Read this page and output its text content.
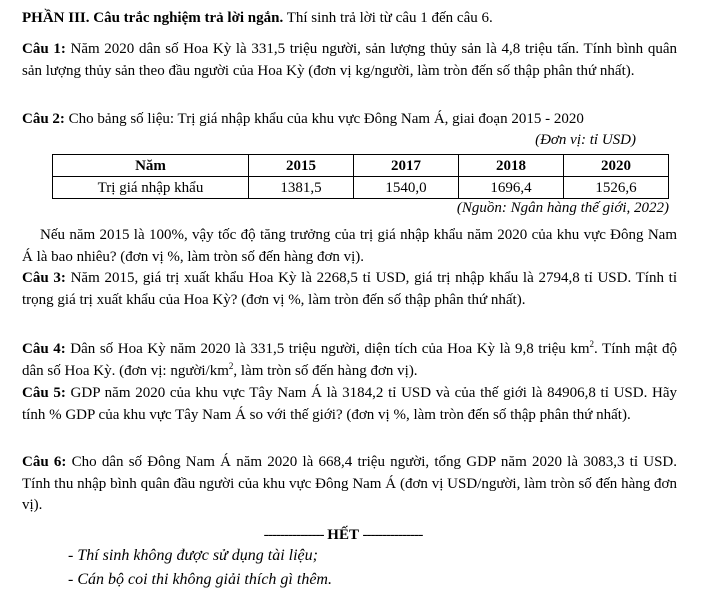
PHẦN III. Câu trắc nghiệm trả lời ngắn. Thí sinh trả lời từ câu 1 đến câu 6.

Câu 1: Năm 2020 dân số Hoa Kỳ là 331,5 triệu người, sản lượng thủy sản là 4,8 triệu tấn. Tính bình quân sản lượng thủy sản theo đầu người của Hoa Kỳ (đơn vị kg/người, làm tròn đến số thập phân thứ nhất).

Câu 2: Cho bảng số liệu: Trị giá nhập khẩu của khu vực Đông Nam Á, giai đoạn 2015 - 2020

(Đơn vị: tỉ USD)
Năm	2015	2017	2018	2020
Trị giá nhập khẩu	1381,5	1540,0	1696,4	1526,6
(Nguồn: Ngân hàng thế giới, 2022)

Nếu năm 2015 là 100%, vậy tốc độ tăng trưởng của trị giá nhập khẩu năm 2020 của khu vực Đông Nam Á là bao nhiêu? (đơn vị %, làm tròn số đến hàng đơn vị).

Câu 3: Năm 2015, giá trị xuất khẩu Hoa Kỳ là 2268,5 tỉ USD, giá trị nhập khẩu là 2794,8 tỉ USD. Tính tỉ trọng giá trị xuất khẩu của Hoa Kỳ? (đơn vị %, làm tròn đến số thập phân thứ nhất).

Câu 4: Dân số Hoa Kỳ năm 2020 là 331,5 triệu người, diện tích của Hoa Kỳ là 9,8 triệu $km^2$. Tính mật độ dân số Hoa Kỳ. (đơn vị: người/$km^2$, làm tròn số đến hàng đơn vị).

Câu 5: GDP năm 2020 của khu vực Tây Nam Á là 3184,2 tỉ USD và của thế giới là 84906,8 tỉ USD. Hãy tính % GDP của khu vực Tây Nam Á so với thế giới? (đơn vị %, làm tròn đến số thập phân thứ nhất).

Câu 6: Cho dân số Đông Nam Á năm 2020 là 668,4 triệu người, tổng GDP năm 2020 là 3083,3 tỉ USD. Tính thu nhập bình quân đầu người của khu vực Đông Nam Á (đơn vị USD/người, làm tròn số đến hàng đơn vị).

--------------- HẾT ---------------
- Thí sinh không được sử dụng tài liệu;
- Cán bộ coi thi không giải thích gì thêm.
